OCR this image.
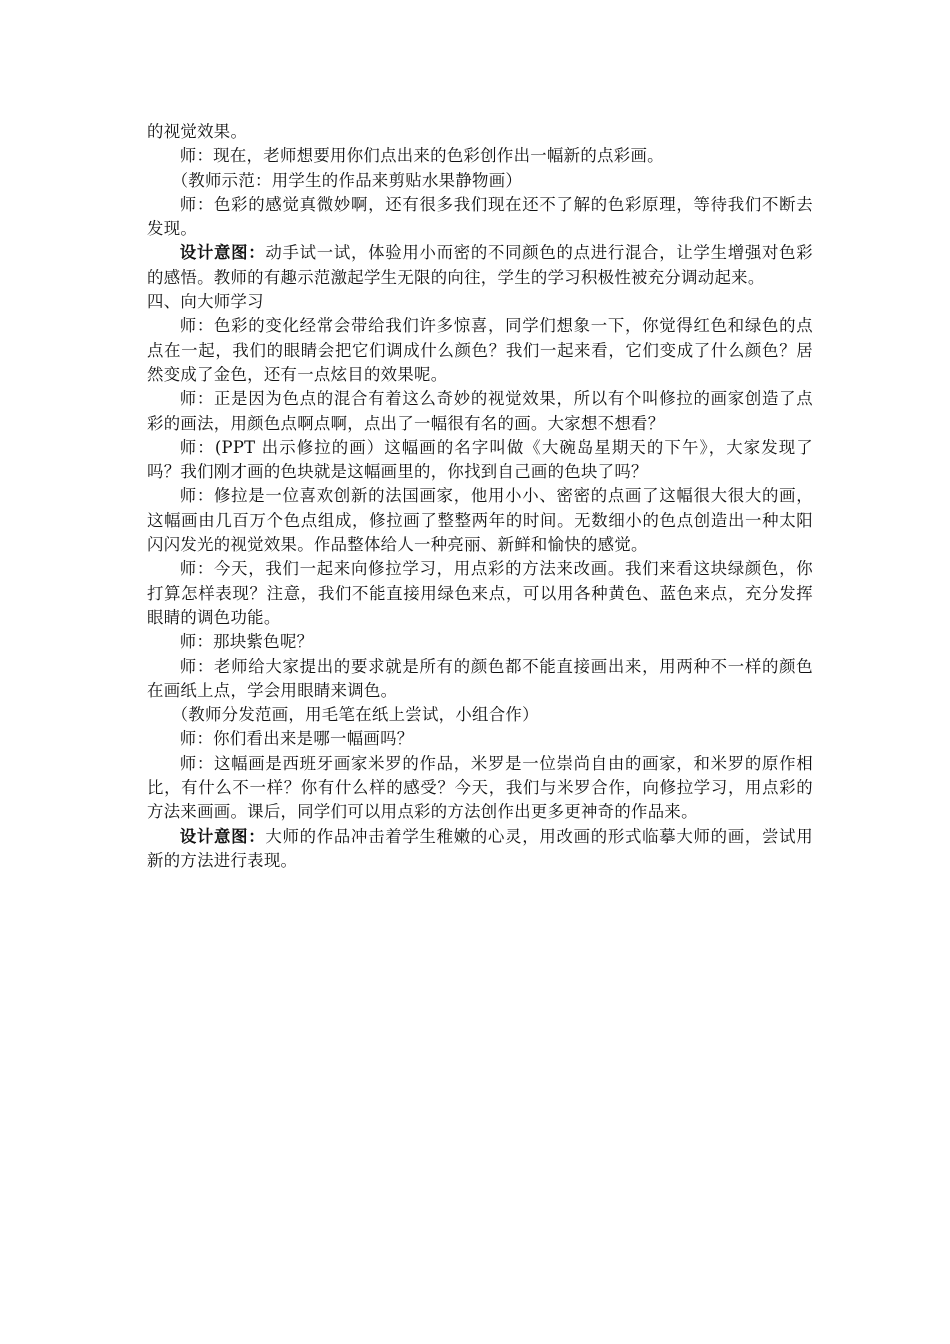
的视觉效果。

师：现在，老师想要用你们点出来的色彩创作出一幅新的点彩画。

（教师示范：用学生的作品来剪贴水果静物画）

师：色彩的感觉真微妙啊，还有很多我们现在还不了解的色彩原理，等待我们不断去发现。

设计意图：动手试一试，体验用小而密的不同颜色的点进行混合，让学生增强对色彩的感悟。教师的有趣示范激起学生无限的向往，学生的学习积极性被充分调动起来。

四、向大师学习

师：色彩的变化经常会带给我们许多惊喜，同学们想象一下，你觉得红色和绿色的点点在一起，我们的眼睛会把它们调成什么颜色？我们一起来看，它们变成了什么颜色？居然变成了金色，还有一点炫目的效果呢。

师：正是因为色点的混合有着这么奇妙的视觉效果，所以有个叫修拉的画家创造了点彩的画法，用颜色点啊点啊，点出了一幅很有名的画。大家想不想看？

师：(PPT 出示修拉的画）这幅画的名字叫做《大碗岛星期天的下午》，大家发现了吗？我们刚才画的色块就是这幅画里的，你找到自己画的色块了吗？

师：修拉是一位喜欢创新的法国画家，他用小小、密密的点画了这幅很大很大的画，这幅画由几百万个色点组成，修拉画了整整两年的时间。无数细小的色点创造出一种太阳闪闪发光的视觉效果。作品整体给人一种亮丽、新鲜和愉快的感觉。

师：今天，我们一起来向修拉学习，用点彩的方法来改画。我们来看这块绿颜色，你打算怎样表现？注意，我们不能直接用绿色来点，可以用各种黄色、蓝色来点，充分发挥眼睛的调色功能。

师：那块紫色呢？

师：老师给大家提出的要求就是所有的颜色都不能直接画出来，用两种不一样的颜色在画纸上点，学会用眼睛来调色。

（教师分发范画，用毛笔在纸上尝试，小组合作）

师：你们看出来是哪一幅画吗？

师：这幅画是西班牙画家米罗的作品，米罗是一位崇尚自由的画家，和米罗的原作相比，有什么不一样？你有什么样的感受？今天，我们与米罗合作，向修拉学习，用点彩的方法来画画。课后，同学们可以用点彩的方法创作出更多更神奇的作品来。

设计意图：大师的作品冲击着学生稚嫩的心灵，用改画的形式临摹大师的画，尝试用新的方法进行表现。
